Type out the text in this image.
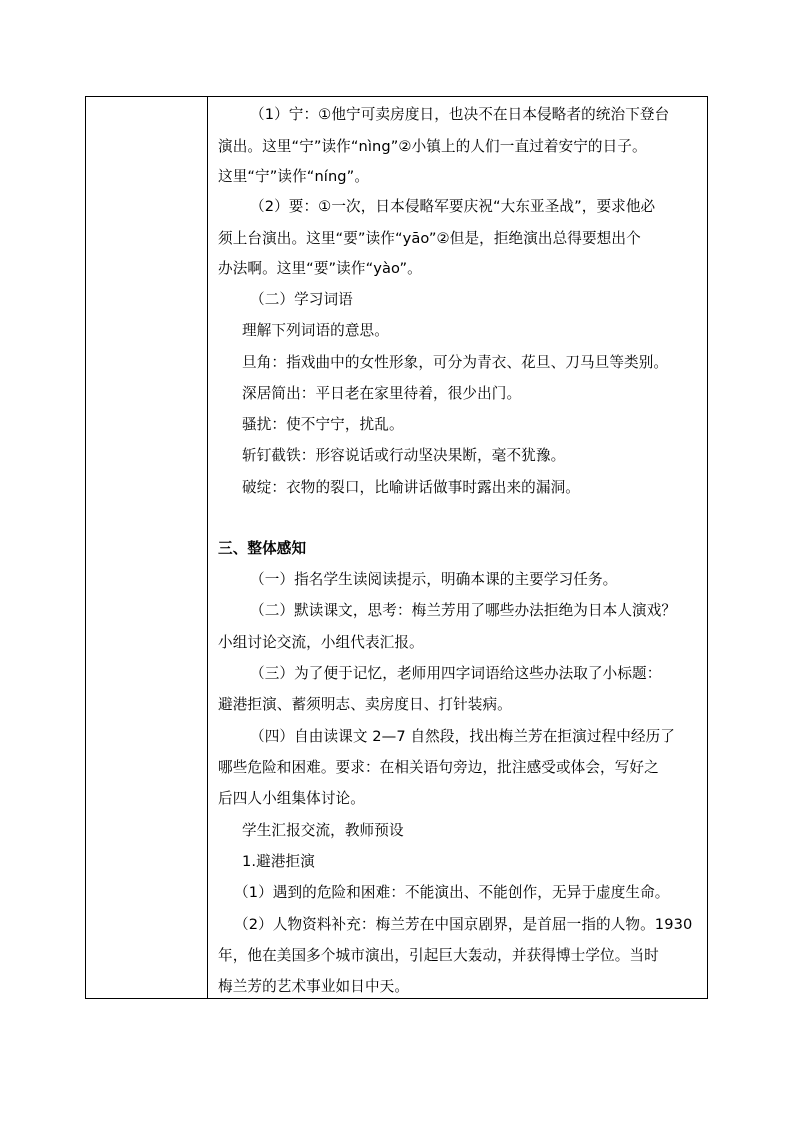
（1）宁：①他宁可卖房度日，也决不在日本侵略者的统治下登台
演出。这里“宁”读作“nìng”②小镇上的人们一直过着安宁的日子。
这里“宁”读作“níng”。
（2）要：①一次，日本侵略军要庆祝“大东亚圣战”，要求他必
须上台演出。这里“要”读作“yāo”②但是，拒绝演出总得要想出个
办法啊。这里“要”读作“yào”。
（二）学习词语
理解下列词语的意思。
旦角：指戏曲中的女性形象，可分为青衣、花旦、刀马旦等类别。
深居简出：平日老在家里待着，很少出门。
骚扰：使不宁宁，扰乱。
斩钉截铁：形容说话或行动坚决果断，毫不犹豫。
破绽：衣物的裂口，比喻讲话做事时露出来的漏洞。
三、整体感知
（一）指名学生读阅读提示，明确本课的主要学习任务。
（二）默读课文，思考：梅兰芳用了哪些办法拒绝为日本人演戏？
小组讨论交流，小组代表汇报。
（三）为了便于记忆，老师用四字词语给这些办法取了小标题：
避港拒演、蓄须明志、卖房度日、打针装病。
（四）自由读课文 2—7 自然段，找出梅兰芳在拒演过程中经历了
哪些危险和困难。要求：在相关语句旁边，批注感受或体会，写好之
后四人小组集体讨论。
学生汇报交流，教师预设
1.避港拒演
（1）遇到的危险和困难：不能演出、不能创作，无异于虚度生命。
（2）人物资料补充：梅兰芳在中国京剧界，是首屈一指的人物。1930
年，他在美国多个城市演出，引起巨大轰动，并获得博士学位。当时
梅兰芳的艺术事业如日中天。
